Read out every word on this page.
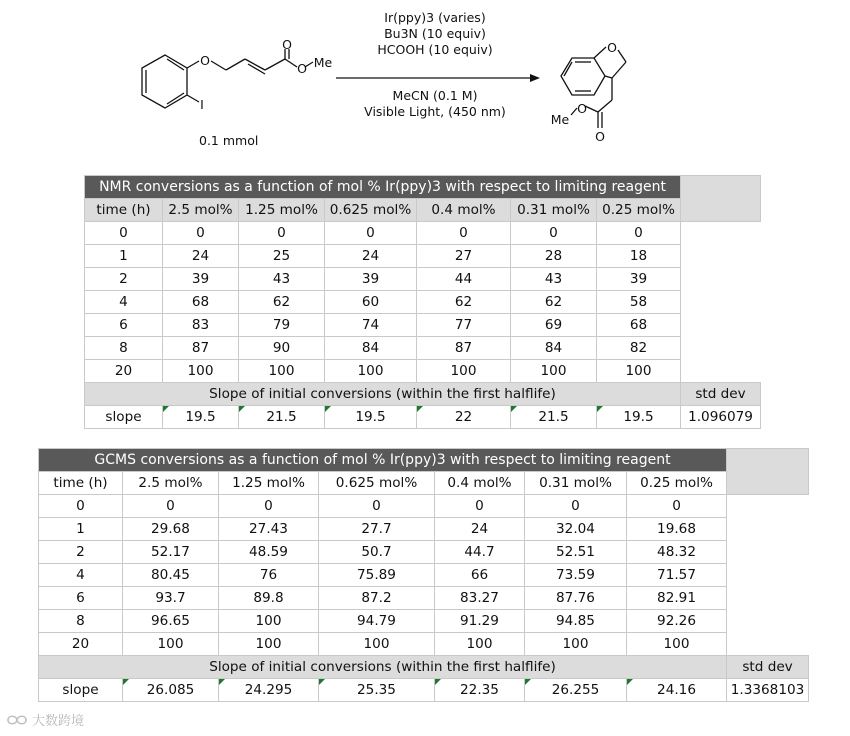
O
I
O Me
O	O
O
Me
O
Ir(ppy)3 (varies)
Bu3N (10 equiv)
HCOOH (10 equiv)
MeCN (0.1 M)
Visible Light, (450 nm)
0.1 mmol
NMR conversions as a function of mol % Ir(ppy)3 with respect to limiting reagent							
time (h)	2.5 mol%	1.25 mol%	0.625 mol%	0.4 mol%	0.31 mol%	0.25 mol%	
0	0	0	0	0	0	0	
1	24	25	24	27	28	18	
2	39	43	39	44	43	39	
4	68	62	60	62	62	58	
6	83	79	74	77	69	68	
8	87	90	84	87	84	82	
20	100	100	100	100	100	100	
Slope of initial conversions (within the first halflife)							std dev
slope	19.5	21.5	19.5	22	21.5	19.5	1.096079
GCMS conversions as a function of mol % Ir(ppy)3 with respect to limiting reagent							
time (h)	2.5 mol%	1.25 mol%	0.625 mol%	0.4 mol%	0.31 mol%	0.25 mol%	
0	0	0	0	0	0	0	
1	29.68	27.43	27.7	24	32.04	19.68	
2	52.17	48.59	50.7	44.7	52.51	48.32	
4	80.45	76	75.89	66	73.59	71.57	
6	93.7	89.8	87.2	83.27	87.76	82.91	
8	96.65	100	94.79	91.29	94.85	92.26	
20	100	100	100	100	100	100	
Slope of initial conversions (within the first halflife)							std dev
slope	26.085	24.295	25.35	22.35	26.255	24.16	1.3368103
大数跨境
